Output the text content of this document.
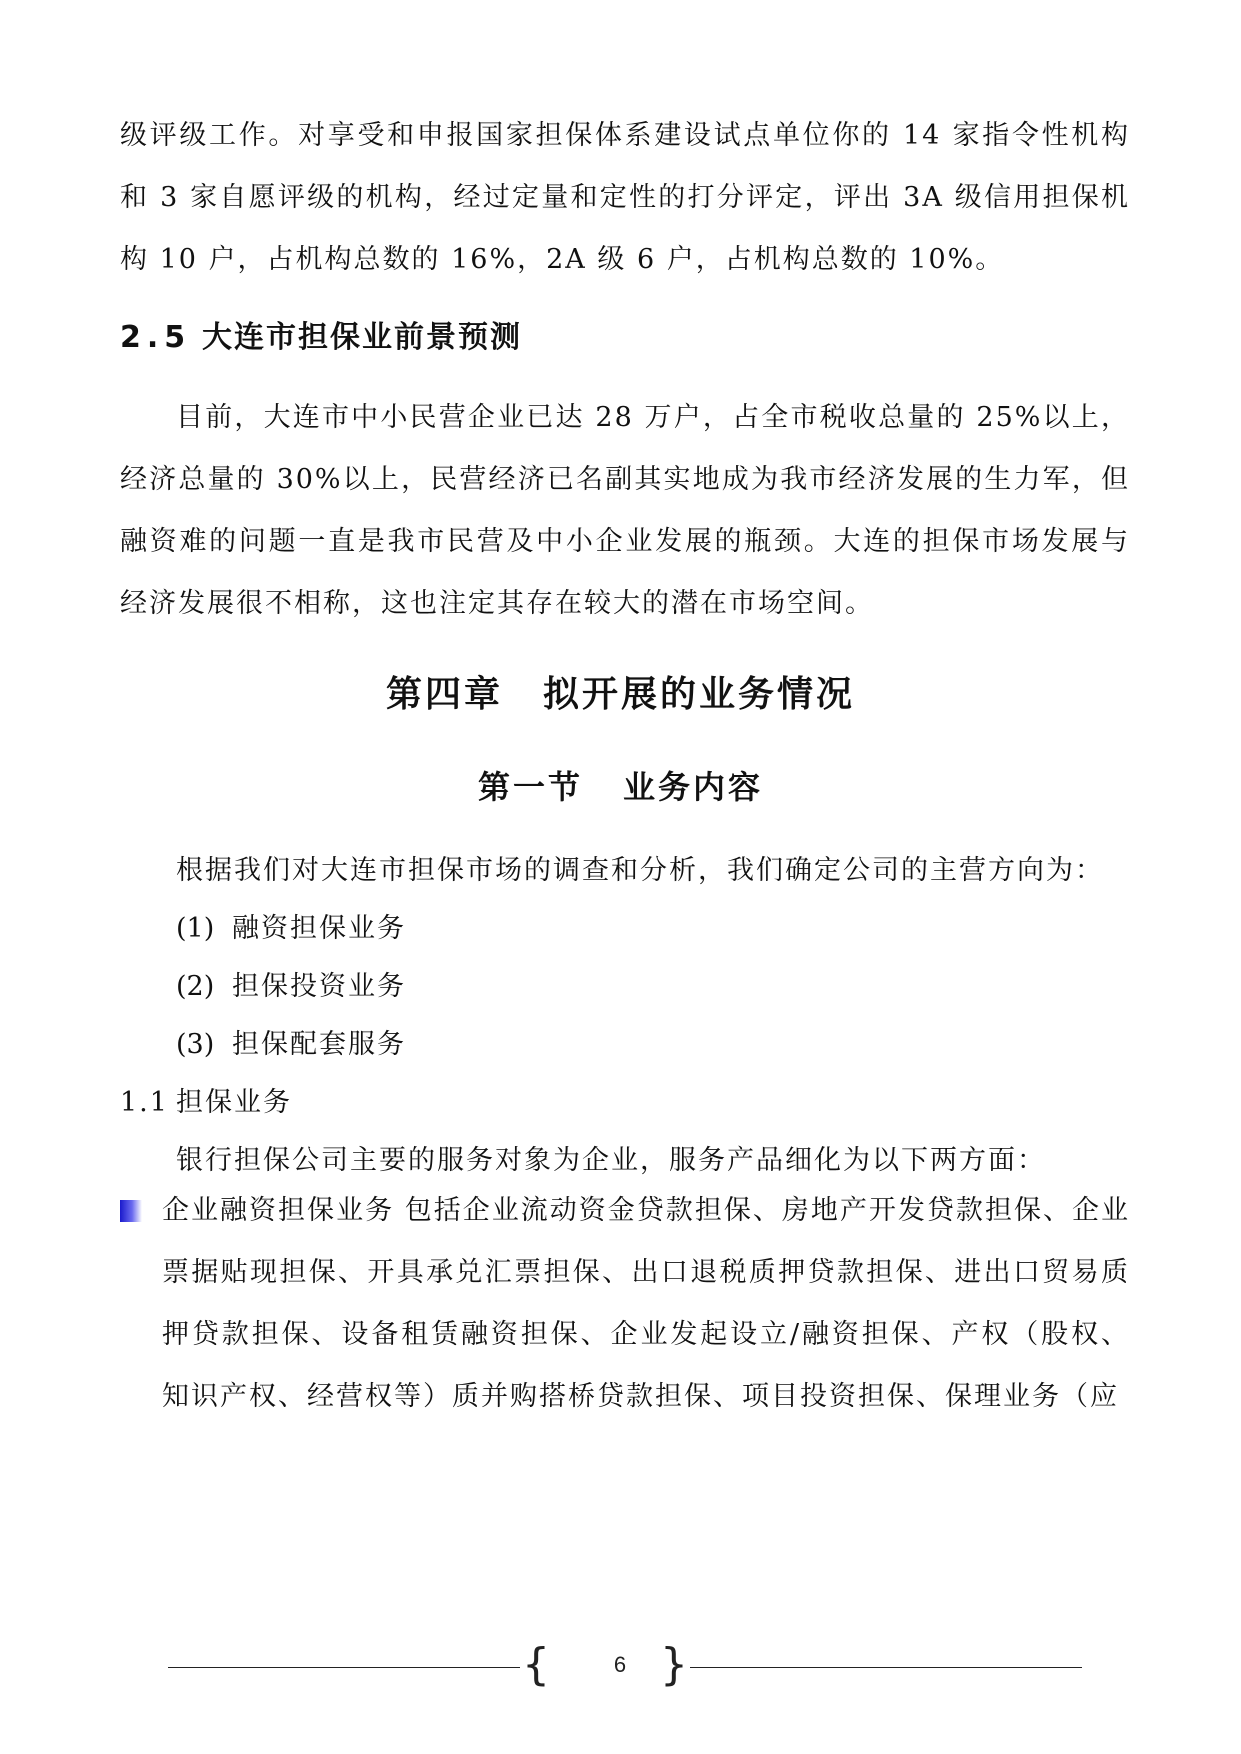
级评级工作。对享受和申报国家担保体系建设试点单位你的 14 家指令性机构和 3 家自愿评级的机构，经过定量和定性的打分评定，评出 3A 级信用担保机构 10 户，占机构总数的 16%，2A 级 6 户，占机构总数的 10%。

2.5 大连市担保业前景预测

目前，大连市中小民营企业已达 28 万户，占全市税收总量的 25%以上，经济总量的 30%以上，民营经济已名副其实地成为我市经济发展的生力军，但融资难的问题一直是我市民营及中小企业发展的瓶颈。大连的担保市场发展与经济发展很不相称，这也注定其存在较大的潜在市场空间。

第四章 拟开展的业务情况
第一节 业务内容

根据我们对大连市担保市场的调查和分析，我们确定公司的主营方向为：

(1) 融资担保业务

(2) 担保投资业务

(3) 担保配套服务

1.1 担保业务

银行担保公司主要的服务对象为企业，服务产品细化为以下两方面：

企业融资担保业务 包括企业流动资金贷款担保、房地产开发贷款担保、企业票据贴现担保、开具承兑汇票担保、出口退税质押贷款担保、进出口贸易质押贷款担保、设备租赁融资担保、企业发起设立/融资担保、产权（股权、知识产权、经营权等）质并购搭桥贷款担保、项目投资担保、保理业务（应

{	6 }
